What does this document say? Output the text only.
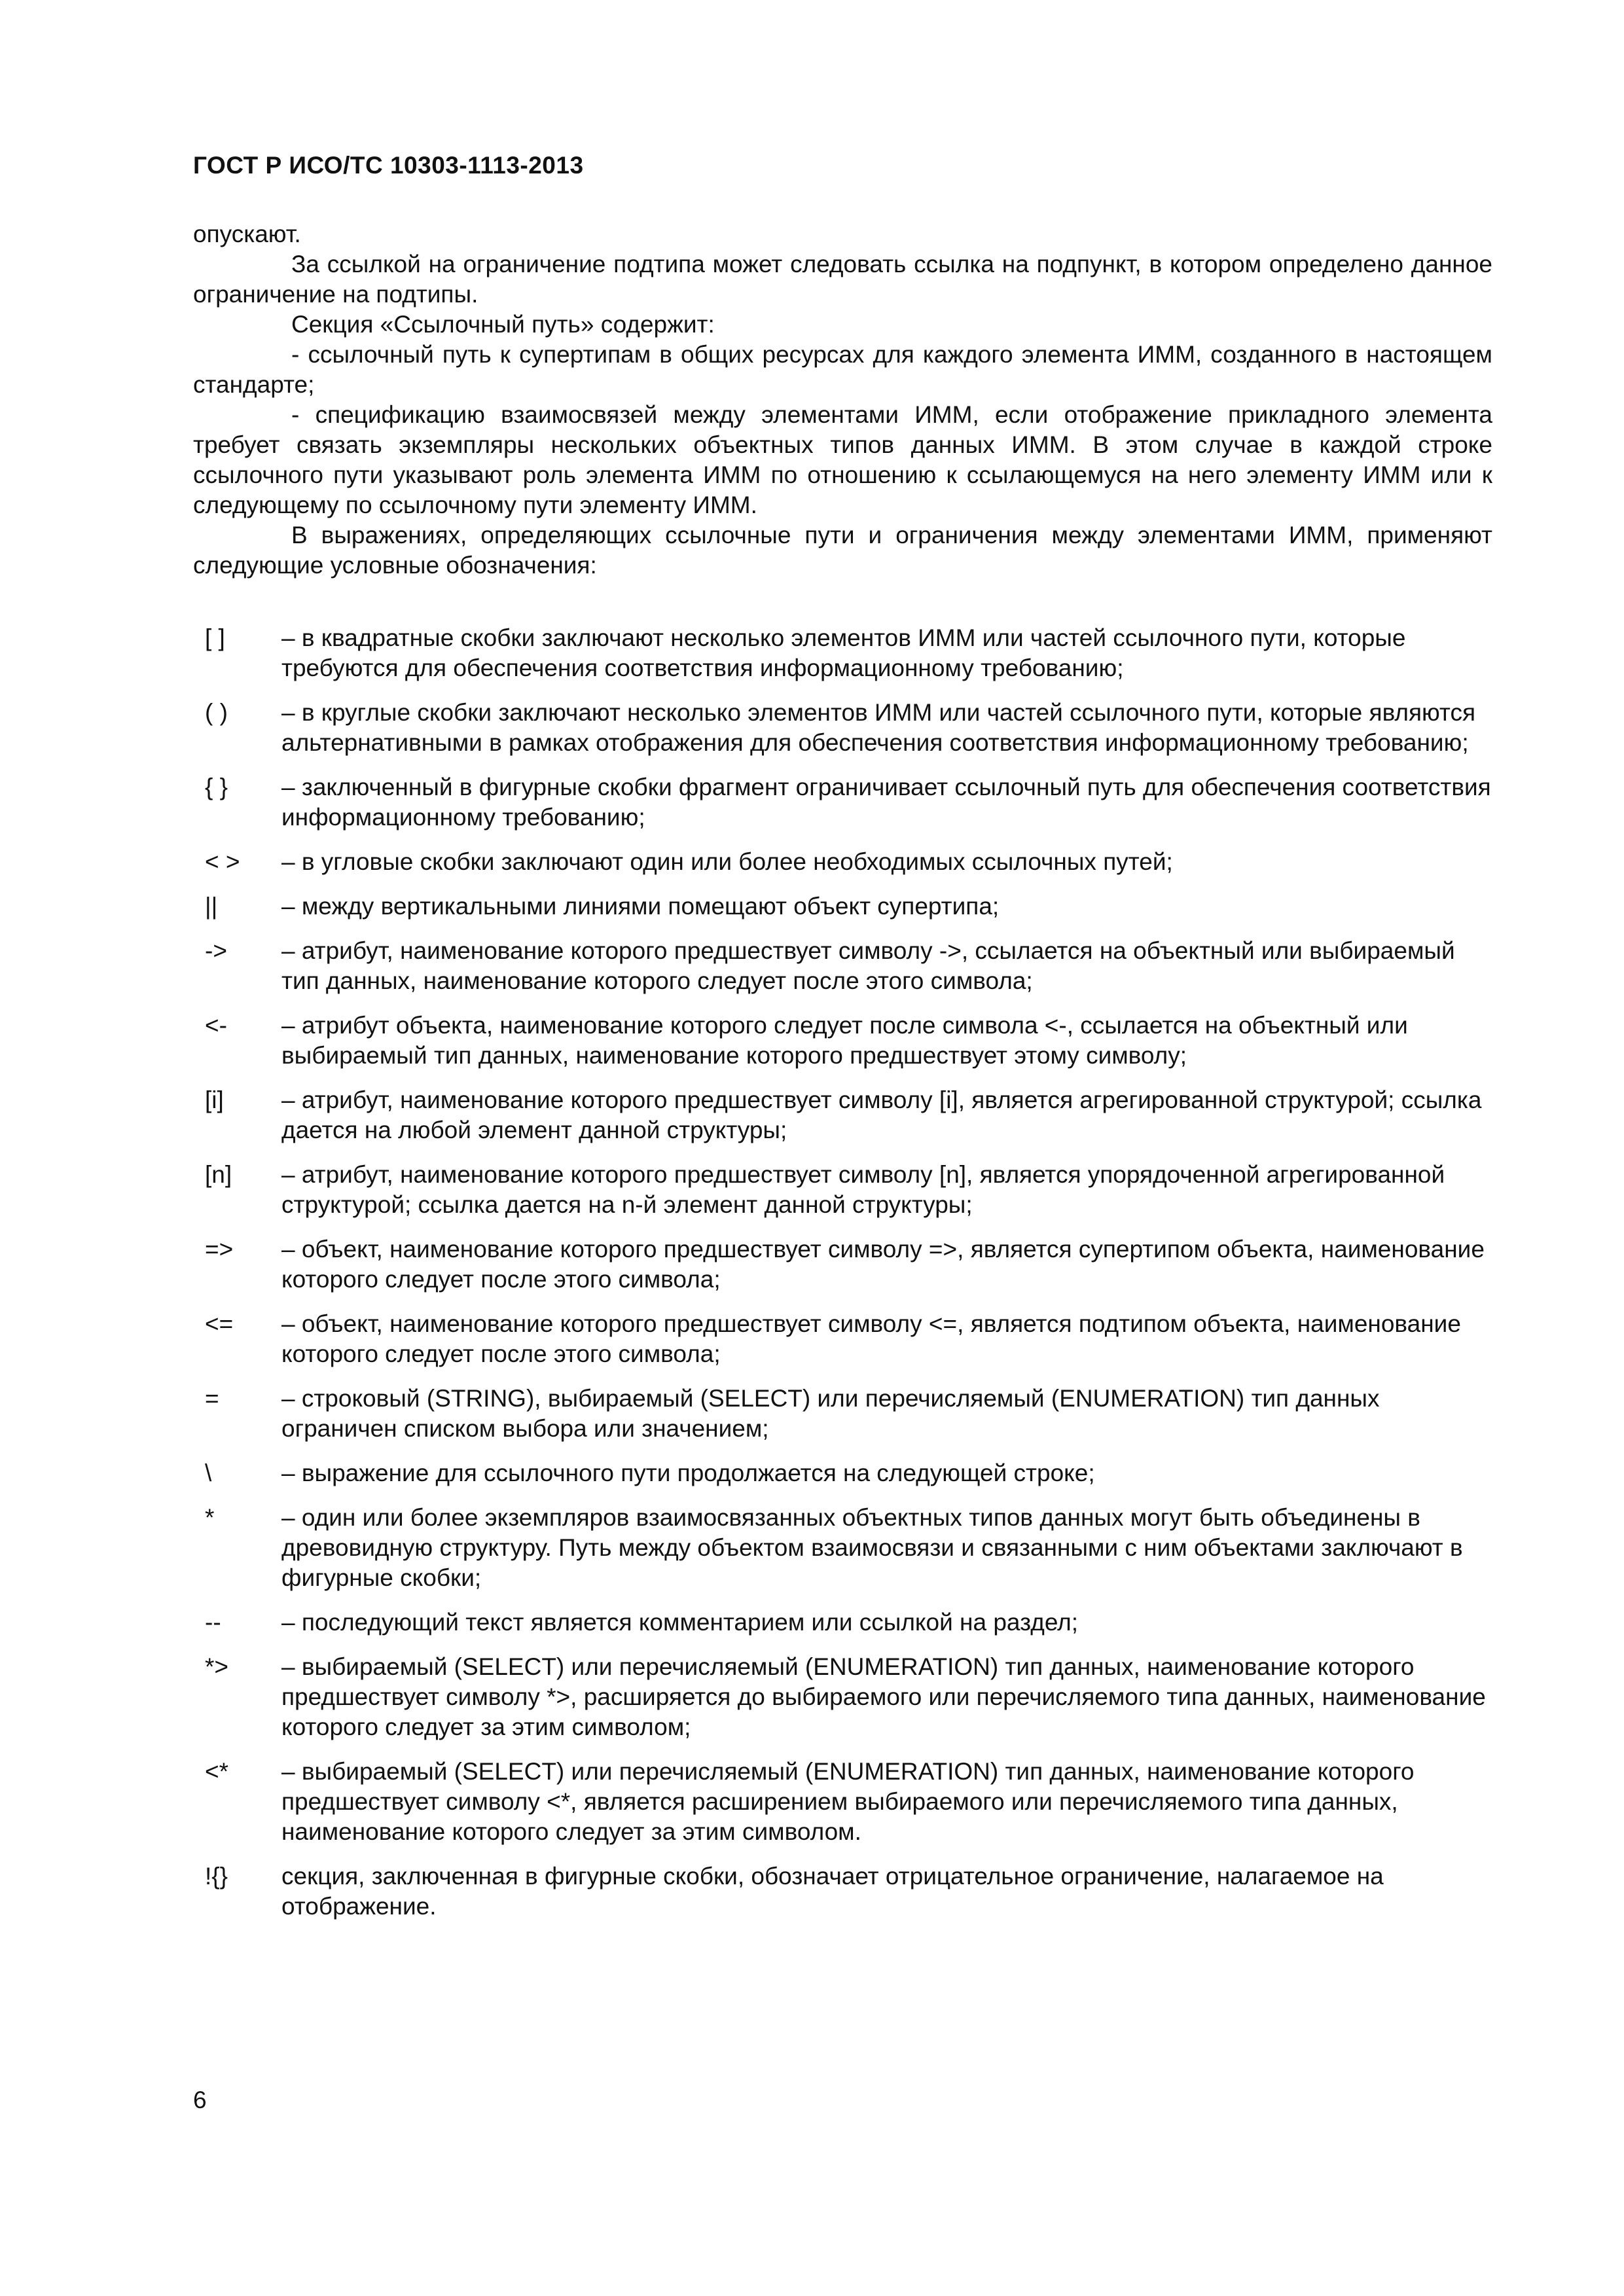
ГОСТ Р ИСО/ТС 10303-1113-2013

опускают.

За ссылкой на ограничение подтипа может следовать ссылка на подпункт, в котором определено данное ограничение на подтипы.

Секция «Ссылочный путь» содержит:

- ссылочный путь к супертипам в общих ресурсах для каждого элемента ИММ, созданного в настоящем стандарте;

- спецификацию взаимосвязей между элементами ИММ, если отображение прикладного элемента требует связать экземпляры нескольких объектных типов данных ИММ. В этом случае в каждой строке ссылочного пути указывают роль элемента ИММ по отношению к ссылающемуся на него элементу ИММ или к следующему по ссылочному пути элементу ИММ.

В выражениях, определяющих ссылочные пути и ограничения между элементами ИММ, применяют следующие условные обозначения:

[ ]	– в квадратные скобки заключают несколько элементов ИММ или частей ссылочного пути, которые требуются для обеспечения соответствия информационному требованию;
( )	– в круглые скобки заключают несколько элементов ИММ или частей ссылочного пути, которые являются альтернативными в рамках отображения для обеспечения соответствия информационному требованию;
{ }	– заключенный в фигурные скобки фрагмент ограничивает ссылочный путь для обеспечения соответствия информационному требованию;
< >	– в угловые скобки заключают один или более необходимых ссылочных путей;
||	– между вертикальными линиями помещают объект супертипа;
->	– атрибут, наименование которого предшествует символу ->, ссылается на объектный или выбираемый тип данных, наименование которого следует после этого символа;
<-	– атрибут объекта, наименование которого следует после символа <-, ссылается на объектный или выбираемый тип данных, наименование которого предшествует этому символу;
[i]	– атрибут, наименование которого предшествует символу [i], является агрегированной структурой; ссылка дается на любой элемент данной структуры;
[n]	– атрибут, наименование которого предшествует символу [n], является упорядоченной агрегированной структурой; ссылка дается на n-й элемент данной структуры;
=>	– объект, наименование которого предшествует символу =>, является супертипом объекта, наименование которого следует после этого символа;
<=	– объект, наименование которого предшествует символу <=, является подтипом объекта, наименование которого следует после этого символа;
=	– строковый (STRING), выбираемый (SELECT) или перечисляемый (ENUMERATION) тип данных ограничен списком выбора или значением;
\	– выражение для ссылочного пути продолжается на следующей строке;
*	– один или более экземпляров взаимосвязанных объектных типов данных могут быть объединены в древовидную структуру. Путь между объектом взаимосвязи и связанными с ним объектами заключают в фигурные скобки;
--	– последующий текст является комментарием или ссылкой на раздел;
*>	– выбираемый (SELECT) или перечисляемый (ENUMERATION) тип данных, наименование которого предшествует символу *>, расширяется до выбираемого или перечисляемого типа данных, наименование которого следует за этим символом;
<*	– выбираемый (SELECT) или перечисляемый (ENUMERATION) тип данных, наименование которого предшествует символу <*, является расширением выбираемого или перечисляемого типа данных, наименование которого следует за этим символом.
!{}	секция, заключенная в фигурные скобки, обозначает отрицательное ограничение, налагаемое на отображение.
6
